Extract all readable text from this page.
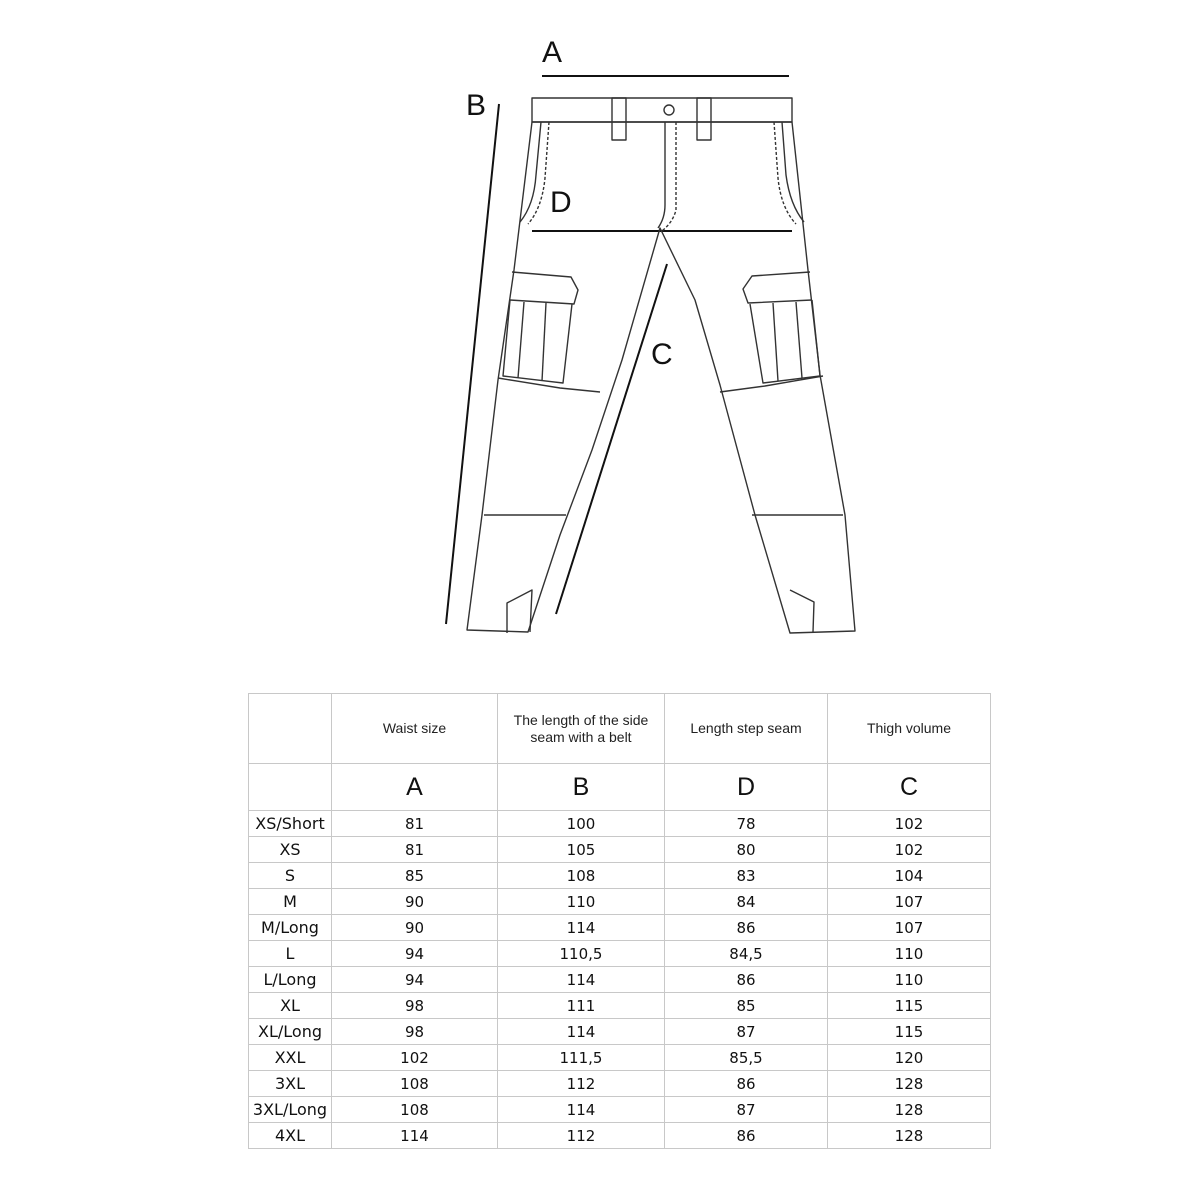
A
B
D
C
	Waist size	The length of the side seam with a belt	Length step seam	Thigh volume
	A	B	D	C
XS/Short	81	100	78	102
XS	81	105	80	102
S	85	108	83	104
M	90	110	84	107
M/Long	90	114	86	107
L	94	110,5	84,5	110
L/Long	94	114	86	110
XL	98	111	85	115
XL/Long	98	114	87	115
XXL	102	111,5	85,5	120
3XL	108	112	86	128
3XL/Long	108	114	87	128
4XL	114	112	86	128
